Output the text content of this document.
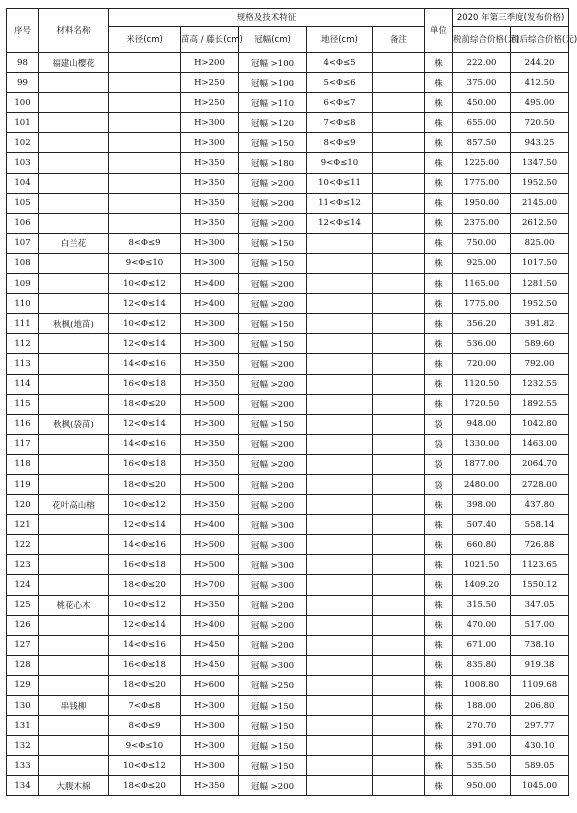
序号	材料名称	规格及技术特征					单位	2020 年第三季度(发布价格)	
		米径(cm)	苗高 / 藤长(cm)	冠幅(cm)	地径(cm)	备注		税前综合价格(元)	税后综合价格(元)
98	福建山樱花		H>200	冠幅 >100	4<Φ≤5		株	222.00	244.20
99			H>250	冠幅 >100	5<Φ≤6		株	375.00	412.50
100			H>250	冠幅 >110	6<Φ≤7		株	450.00	495.00
101			H>300	冠幅 >120	7<Φ≤8		株	655.00	720.50
102			H>300	冠幅 >150	8<Φ≤9		株	857.50	943.25
103			H>350	冠幅 >180	9<Φ≤10		株	1225.00	1347.50
104			H>350	冠幅 >200	10<Φ≤11		株	1775.00	1952.50
105			H>350	冠幅 >200	11<Φ≤12		株	1950.00	2145.00
106			H>350	冠幅 >200	12<Φ≤14		株	2375.00	2612.50
107	白兰花	8<Φ≤9	H>300	冠幅 >150			株	750.00	825.00
108		9<Φ≤10	H>300	冠幅 >150			株	925.00	1017.50
109		10<Φ≤12	H>400	冠幅 >200			株	1165.00	1281.50
110		12<Φ≤14	H>400	冠幅 >200			株	1775.00	1952.50
111	秋枫(地苗)	10<Φ≤12	H>300	冠幅 >150			株	356.20	391.82
112		12<Φ≤14	H>300	冠幅 >150			株	536.00	589.60
113		14<Φ≤16	H>350	冠幅 >200			株	720.00	792.00
114		16<Φ≤18	H>350	冠幅 >200			株	1120.50	1232.55
115		18<Φ≤20	H>500	冠幅 >200			株	1720.50	1892.55
116	秋枫(袋苗)	12<Φ≤14	H>300	冠幅 >150			袋	948.00	1042.80
117		14<Φ≤16	H>350	冠幅 >200			袋	1330.00	1463.00
118		16<Φ≤18	H>350	冠幅 >200			袋	1877.00	2064.70
119		18<Φ≤20	H>500	冠幅 >200			袋	2480.00	2728.00
120	花叶高山榕	10<Φ≤12	H>350	冠幅 >200			株	398.00	437.80
121		12<Φ≤14	H>400	冠幅 >300			株	507.40	558.14
122		14<Φ≤16	H>500	冠幅 >300			株	660.80	726.88
123		16<Φ≤18	H>500	冠幅 >300			株	1021.50	1123.65
124		18<Φ≤20	H>700	冠幅 >300			株	1409.20	1550.12
125	桃花心木	10<Φ≤12	H>350	冠幅 >200			株	315.50	347.05
126		12<Φ≤14	H>400	冠幅 >200			株	470.00	517.00
127		14<Φ≤16	H>450	冠幅 >200			株	671.00	738.10
128		16<Φ≤18	H>450	冠幅 >300			株	835.80	919.38
129		18<Φ≤20	H>600	冠幅 >250			株	1008.80	1109.68
130	串钱柳	7<Φ≤8	H>300	冠幅 >150			株	188.00	206.80
131		8<Φ≤9	H>300	冠幅 >150			株	270.70	297.77
132		9<Φ≤10	H>300	冠幅 >150			株	391.00	430.10
133		10<Φ≤12	H>300	冠幅 >150			株	535.50	589.05
134	大腹木棉	18<Φ≤20	H>350	冠幅 >200			株	950.00	1045.00
